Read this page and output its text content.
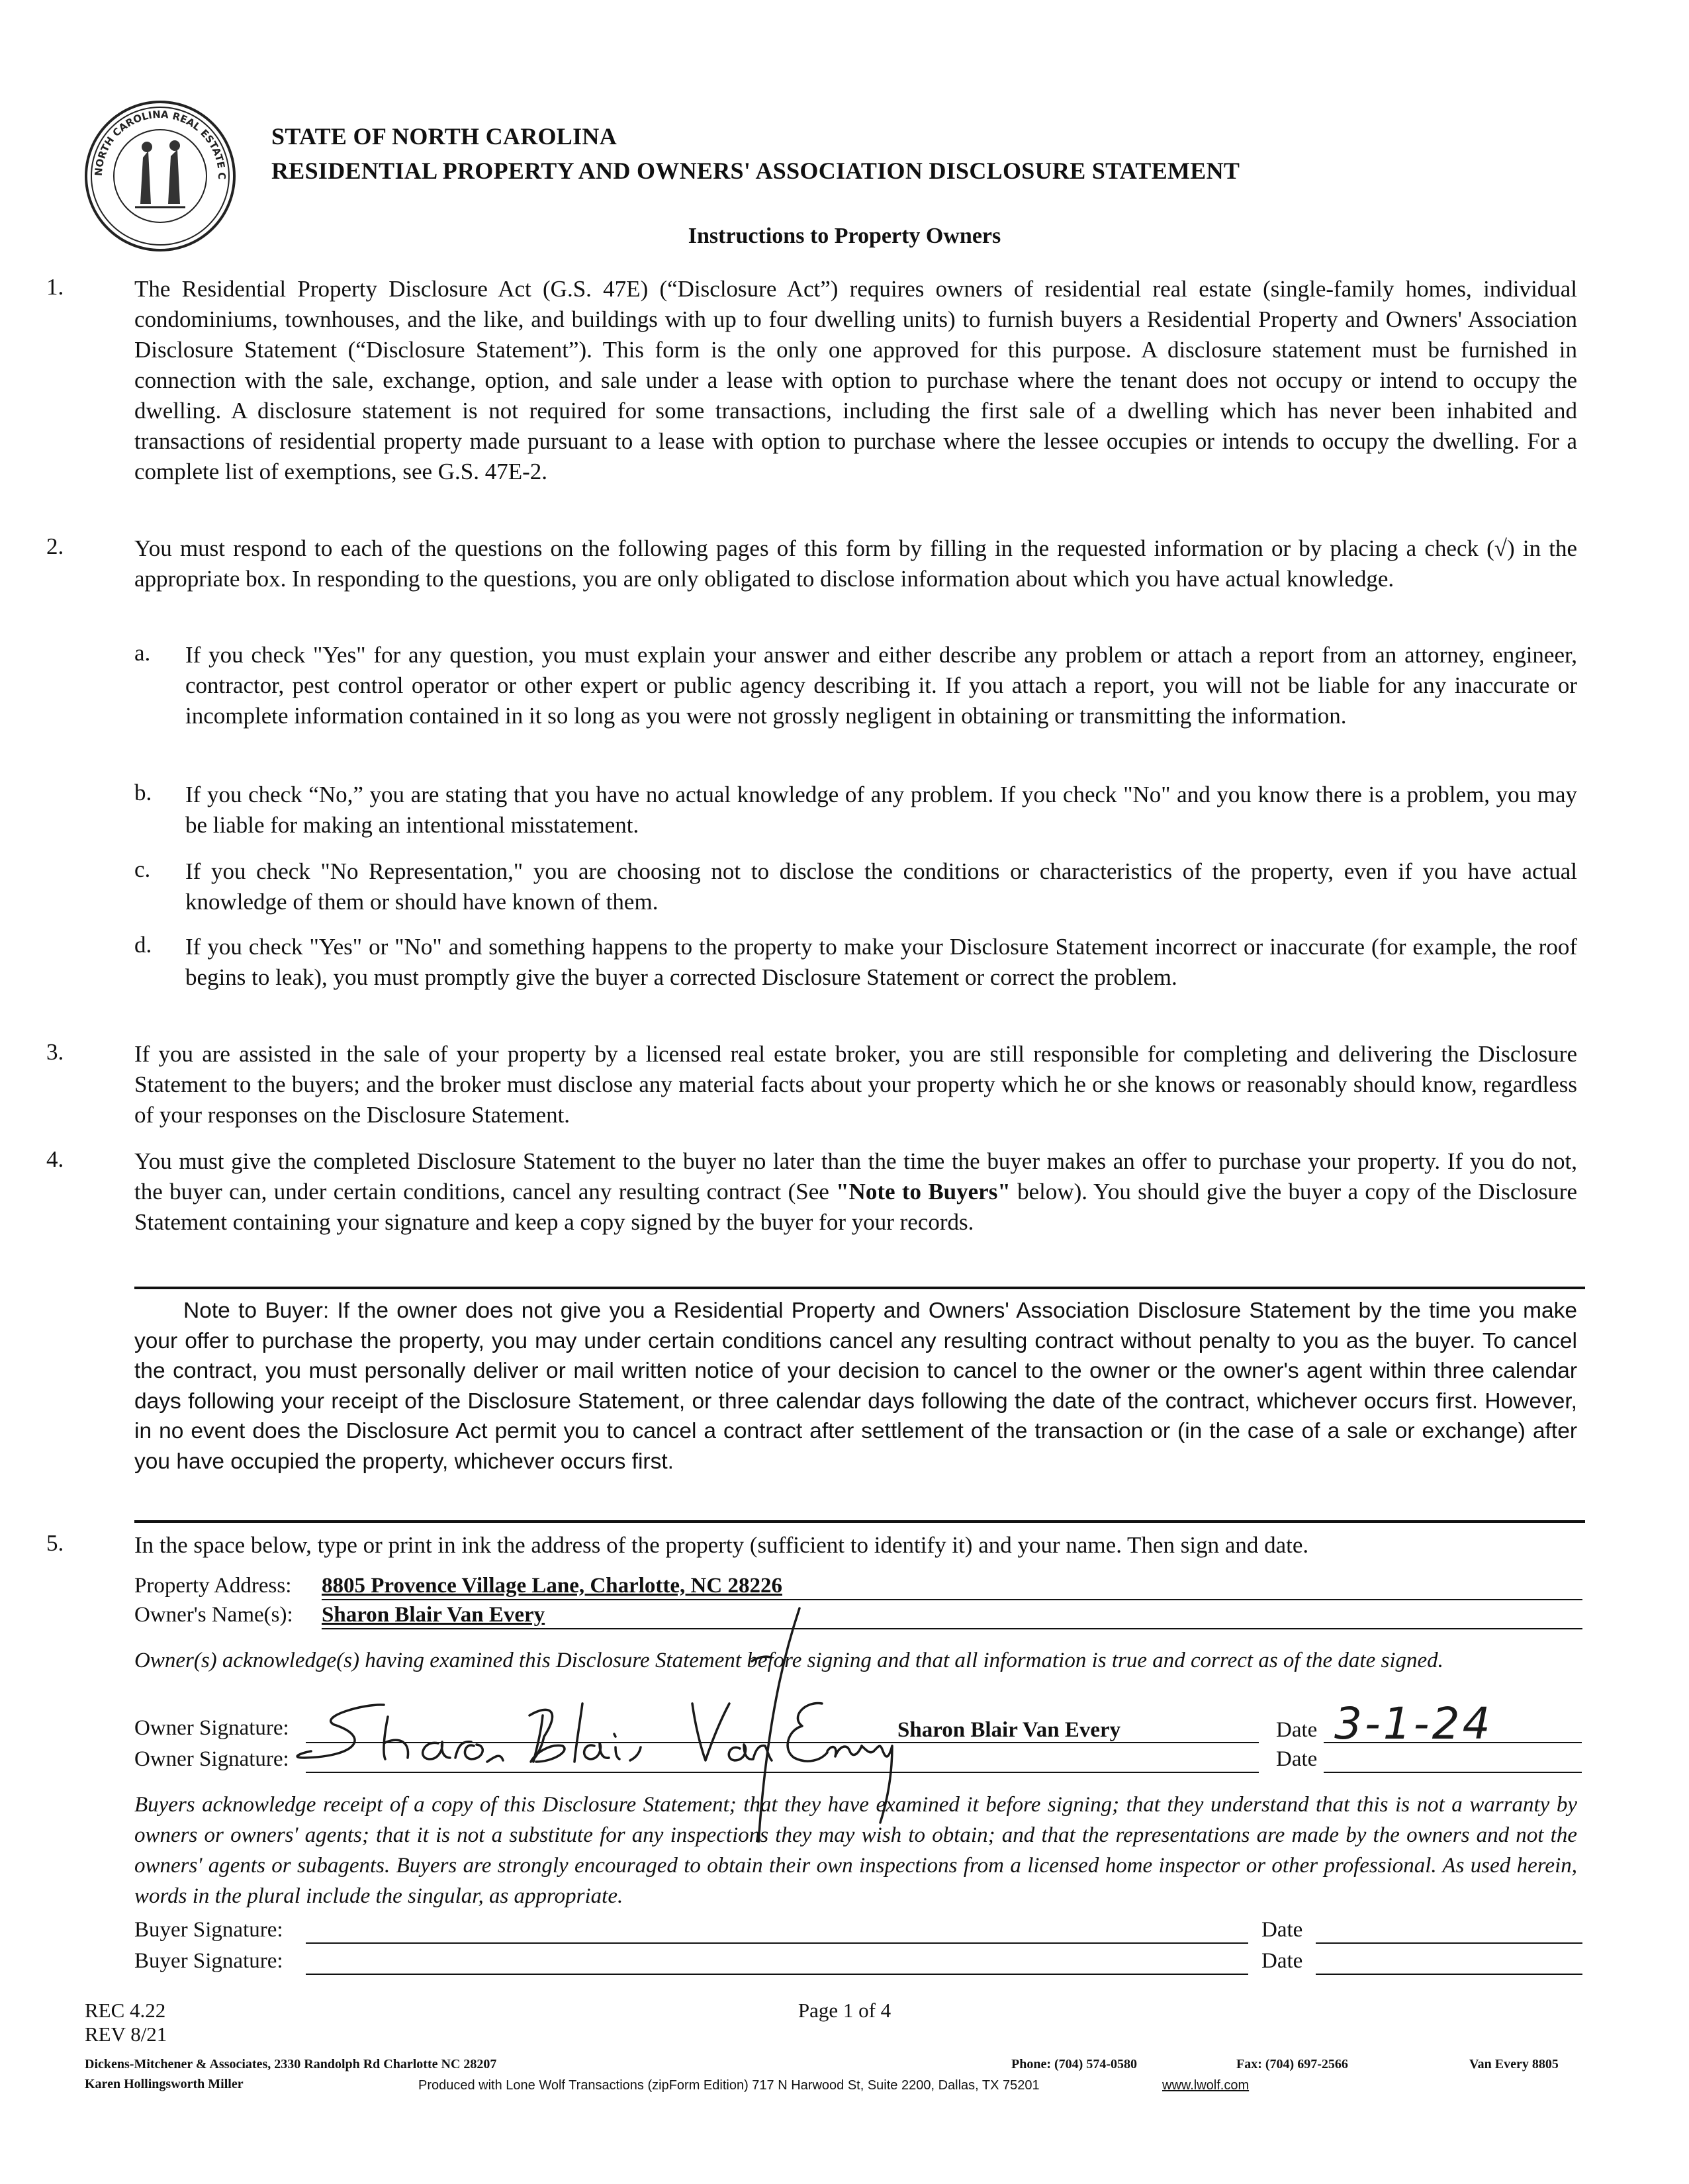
NORTH CAROLINA REAL ESTATE C
STATE OF NORTH CAROLINA
RESIDENTIAL PROPERTY AND OWNERS' ASSOCIATION DISCLOSURE STATEMENT
Instructions to Property Owners
1.	The Residential Property Disclosure Act (G.S. 47E) (“Disclosure Act”) requires owners of residential real estate (single-family homes, individual condominiums, townhouses, and the like, and buildings with up to four dwelling units) to furnish buyers a Residential Property and Owners' Association Disclosure Statement (“Disclosure Statement”). This form is the only one approved for this purpose. A disclosure statement must be furnished in connection with the sale, exchange, option, and sale under a lease with option to purchase where the tenant does not occupy or intend to occupy the dwelling. A disclosure statement is not required for some transactions, including the first sale of a dwelling which has never been inhabited and transactions of residential property made pursuant to a lease with option to purchase where the lessee occupies or intends to occupy the dwelling. For a complete list of exemptions, see G.S. 47E-2.
2.	You must respond to each of the questions on the following pages of this form by filling in the requested information or by placing a check (√) in the appropriate box. In responding to the questions, you are only obligated to disclose information about which you have actual knowledge.
a. If you check "Yes" for any question, you must explain your answer and either describe any problem or attach a report from an attorney, engineer, contractor, pest control operator or other expert or public agency describing it. If you attach a report, you will not be liable for any inaccurate or incomplete information contained in it so long as you were not grossly negligent in obtaining or transmitting the information.
b. If you check “No,” you are stating that you have no actual knowledge of any problem. If you check "No" and you know there is a problem, you may be liable for making an intentional misstatement.
c. If you check "No Representation," you are choosing not to disclose the conditions or characteristics of the property, even if you have actual knowledge of them or should have known of them.
d. If you check "Yes" or "No" and something happens to the property to make your Disclosure Statement incorrect or inaccurate (for example, the roof begins to leak), you must promptly give the buyer a corrected Disclosure Statement or correct the problem.
3.	If you are assisted in the sale of your property by a licensed real estate broker, you are still responsible for completing and delivering the Disclosure Statement to the buyers; and the broker must disclose any material facts about your property which he or she knows or reasonably should know, regardless of your responses on the Disclosure Statement.
4.	You must give the completed Disclosure Statement to the buyer no later than the time the buyer makes an offer to purchase your property. If you do not, the buyer can, under certain conditions, cancel any resulting contract (See "Note to Buyers" below). You should give the buyer a copy of the Disclosure Statement containing your signature and keep a copy signed by the buyer for your records.
Note to Buyer: If the owner does not give you a Residential Property and Owners' Association Disclosure Statement by the time you make your offer to purchase the property, you may under certain conditions cancel any resulting contract without penalty to you as the buyer. To cancel the contract, you must personally deliver or mail written notice of your decision to cancel to the owner or the owner's agent within three calendar days following your receipt of the Disclosure Statement, or three calendar days following the date of the contract, whichever occurs first. However, in no event does the Disclosure Act permit you to cancel a contract after settlement of the transaction or (in the case of a sale or exchange) after you have occupied the property, whichever occurs first.
5.	In the space below, type or print in ink the address of the property (sufficient to identify it) and your name. Then sign and date.
Property Address: 8805 Provence Village Lane, Charlotte, NC 28226
Owner's Name(s): Sharon Blair Van Every
Owner(s) acknowledge(s) having examined this Disclosure Statement before signing and that all information is true and correct as of the date signed.
Owner Signature:	Sharon Blair Van Every	Date 3-1-24
Owner Signature:	Date
Buyers acknowledge receipt of a copy of this Disclosure Statement; that they have examined it before signing; that they understand that this is not a warranty by owners or owners' agents; that it is not a substitute for any inspections they may wish to obtain; and that the representations are made by the owners and not the owners' agents or subagents. Buyers are strongly encouraged to obtain their own inspections from a licensed home inspector or other professional. As used herein, words in the plural include the singular, as appropriate.
Buyer Signature:	Date
Buyer Signature:	Date
REC 4.22
REV 8/21
Page 1 of 4
Dickens-Mitchener & Associates, 2330 Randolph Rd Charlotte NC 28207
Karen Hollingsworth Miller
Phone: (704) 574-0580	Fax: (704) 697-2566	Van Every 8805
Produced with Lone Wolf Transactions (zipForm Edition) 717 N Harwood St, Suite 2200, Dallas, TX 75201	www.lwolf.com
